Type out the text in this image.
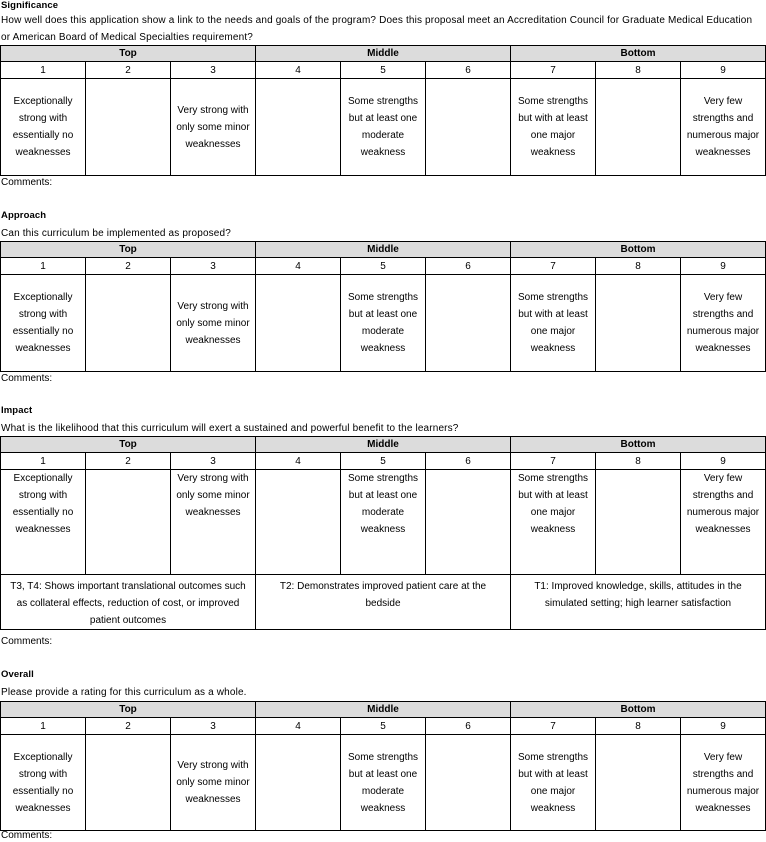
Significance
How well does this application show a link to the needs and goals of the program? Does this proposal meet an Accreditation Council for Graduate Medical Education or American Board of Medical Specialties requirement?
Top			Middle			Bottom		
1	2	3	4	5	6	7	8	9
Exceptionally strong with essentially no weaknesses		Very strong with only some minor weaknesses		Some strengths but at least one moderate weakness		Some strengths but with at least one major weakness		Very few strengths and numerous major weaknesses
Comments:
Approach
Can this curriculum be implemented as proposed?
Top			Middle			Bottom		
1	2	3	4	5	6	7	8	9
Exceptionally strong with essentially no weaknesses		Very strong with only some minor weaknesses		Some strengths but at least one moderate weakness		Some strengths but with at least one major weakness		Very few strengths and numerous major weaknesses
Comments:
Impact
What is the likelihood that this curriculum will exert a sustained and powerful benefit to the learners?
Top			Middle			Bottom		
1	2	3	4	5	6	7	8	9
Exceptionally strong with essentially no weaknesses		Very strong with only some minor weaknesses		Some strengths but at least one moderate weakness		Some strengths but with at least one major weakness		Very few strengths and numerous major weaknesses
T3, T4: Shows important translational outcomes such as collateral effects, reduction of cost, or improved patient outcomes			T2: Demonstrates improved patient care at the bedside			T1: Improved knowledge, skills, attitudes in the simulated setting; high learner satisfaction		
Comments:
Overall
Please provide a rating for this curriculum as a whole.
Top			Middle			Bottom		
1	2	3	4	5	6	7	8	9
Exceptionally strong with essentially no weaknesses		Very strong with only some minor weaknesses		Some strengths but at least one moderate weakness		Some strengths but with at least one major weakness		Very few strengths and numerous major weaknesses
Comments:
